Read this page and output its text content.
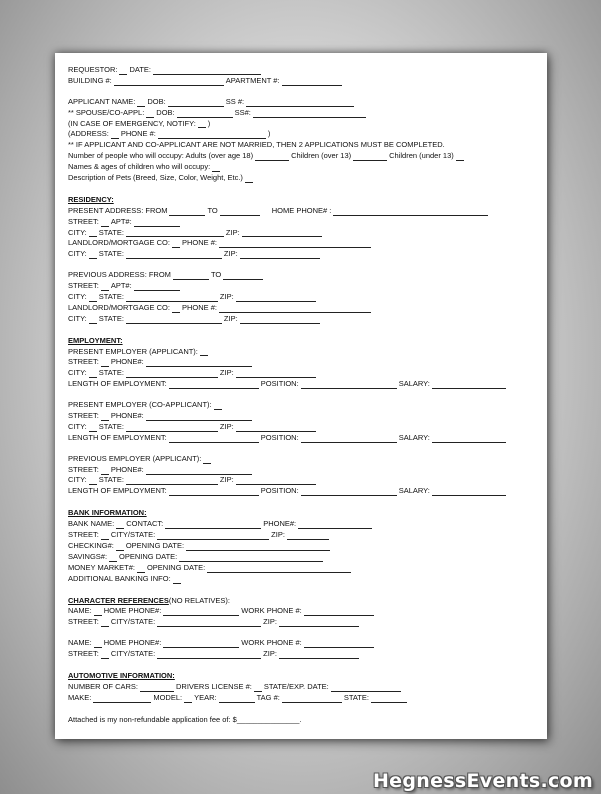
REQUESTOR: DATE:
BUILDING #:	APARTMENT #:
APPLICANT NAME: DOB:	SS #:
** SPOUSE/CO-APPL: DOB:	SS#:
(IN CASE OF EMERGENCY, NOTIFY: )
(ADDRESS: PHONE #:	)
** IF APPLICANT AND CO-APPLICANT ARE NOT MARRIED, THEN 2 APPLICATIONS MUST BE COMPLETED.
Number of people who will occupy: Adults (over age 18)	Children (over 13)	Children (under 13)
Names & ages of children who will occupy:
Description of Pets (Breed, Size, Color, Weight, Etc.)
RESIDENCY:
PRESENT ADDRESS: FROM	TO	HOME PHONE# :
STREET: APT#:
CITY: STATE:	ZIP:
LANDLORD/MORTGAGE CO: PHONE #:
CITY: STATE:	ZIP:
PREVIOUS ADDRESS: FROM	TO
STREET: APT#:
CITY: STATE:	ZIP:
LANDLORD/MORTGAGE CO: PHONE #:
CITY: STATE:	ZIP:
EMPLOYMENT:
PRESENT EMPLOYER (APPLICANT):
STREET: PHONE#:
CITY: STATE:	ZIP:
LENGTH OF EMPLOYMENT:	POSITION:	SALARY:
PRESENT EMPLOYER (CO-APPLICANT):
STREET: PHONE#:
CITY: STATE:	ZIP:
LENGTH OF EMPLOYMENT:	POSITION:	SALARY:
PREVIOUS EMPLOYER (APPLICANT):
STREET: PHONE#:
CITY: STATE:	ZIP:
LENGTH OF EMPLOYMENT:	POSITION:	SALARY:
BANK INFORMATION:
BANK NAME: CONTACT:	PHONE#:
STREET: CITY/STATE:	ZIP:
CHECKING#: OPENING DATE:
SAVINGS#: OPENING DATE:
MONEY MARKET#: OPENING DATE:
ADDITIONAL BANKING INFO:
CHARACTER REFERENCES (NO RELATIVES):
NAME: HOME PHONE#:	WORK PHONE #:
STREET: CITY/STATE:	ZIP:
NAME: HOME PHONE#:	WORK PHONE #:
STREET: CITY/STATE:	ZIP:
AUTOMOTIVE INFORMATION:
NUMBER OF CARS:	DRIVERS LICENSE #: STATE/EXP. DATE:
MAKE:	MODEL: YEAR:	TAG #:	STATE:
Attached is my non-refundable application fee of: $_______________.
HegnessEvents.com
